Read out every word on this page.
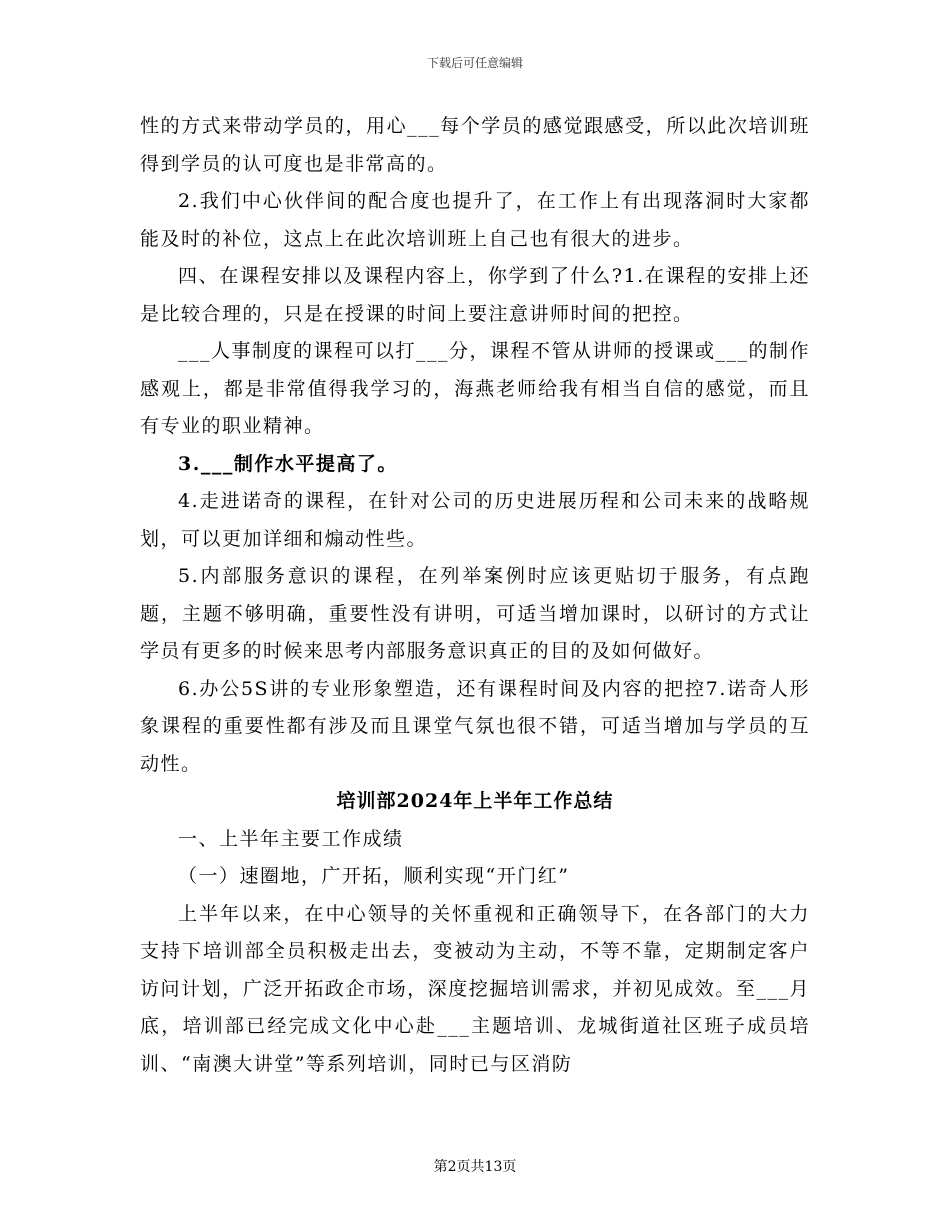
下载后可任意编辑

性的方式来带动学员的，用心___每个学员的感觉跟感受，所以此次培训班得到学员的认可度也是非常高的。

2.我们中心伙伴间的配合度也提升了，在工作上有出现落洞时大家都能及时的补位，这点上在此次培训班上自己也有很大的进步。

四、在课程安排以及课程内容上，你学到了什么?1.在课程的安排上还是比较合理的，只是在授课的时间上要注意讲师时间的把控。

___人事制度的课程可以打___分，课程不管从讲师的授课或___的制作感观上，都是非常值得我学习的，海燕老师给我有相当自信的感觉，而且有专业的职业精神。

3.___制作水平提高了。

4.走进诺奇的课程，在针对公司的历史进展历程和公司未来的战略规划，可以更加详细和煽动性些。

5.内部服务意识的课程，在列举案例时应该更贴切于服务，有点跑题，主题不够明确，重要性没有讲明，可适当增加课时，以研讨的方式让学员有更多的时候来思考内部服务意识真正的目的及如何做好。

6.办公5S讲的专业形象塑造，还有课程时间及内容的把控7.诺奇人形象课程的重要性都有涉及而且课堂气氛也很不错，可适当增加与学员的互动性。

培训部2024年上半年工作总结

一、上半年主要工作成绩

（一）速圈地，广开拓，顺利实现“开门红”

上半年以来，在中心领导的关怀重视和正确领导下，在各部门的大力支持下培训部全员积极走出去，变被动为主动，不等不靠，定期制定客户访问计划，广泛开拓政企市场，深度挖掘培训需求，并初见成效。至___月底，培训部已经完成文化中心赴___主题培训、龙城街道社区班子成员培训、“南澳大讲堂”等系列培训，同时已与区消防

第2页共13页
